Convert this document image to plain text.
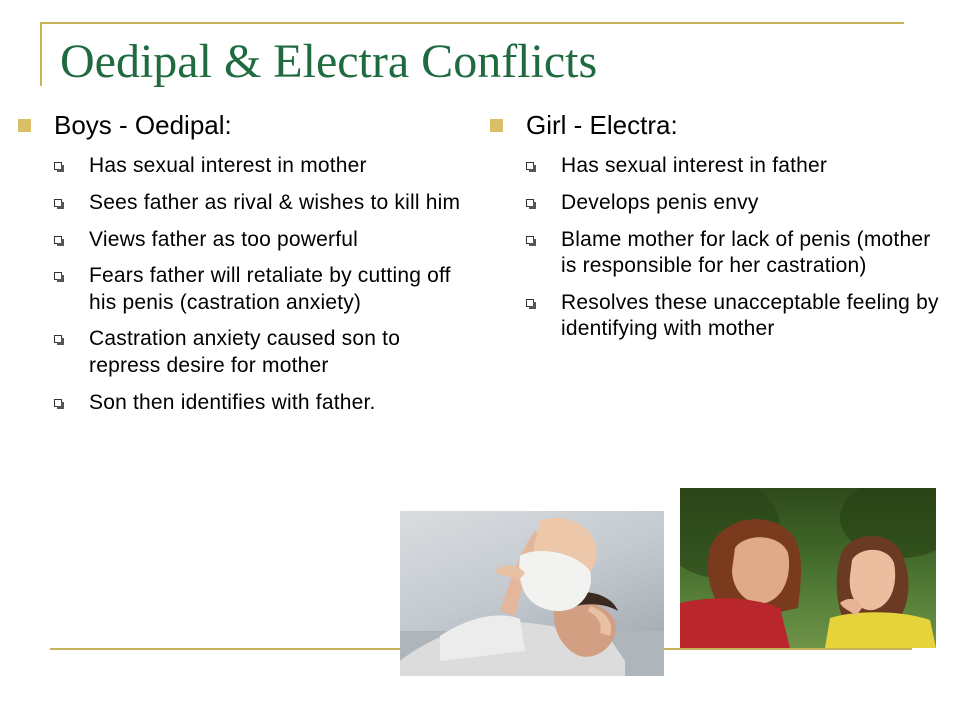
Oedipal & Electra Conflicts
Boys - Oedipal:
Has sexual interest in mother
Sees father as rival & wishes to kill him
Views father as too powerful
Fears father will retaliate by cutting off his penis (castration anxiety)
Castration anxiety caused son to repress desire for mother
Son then identifies with father.
Girl - Electra:
Has sexual interest in father
Develops penis envy
Blame mother for lack of penis (mother is responsible for her castration)
Resolves these unacceptable feeling by identifying with mother
